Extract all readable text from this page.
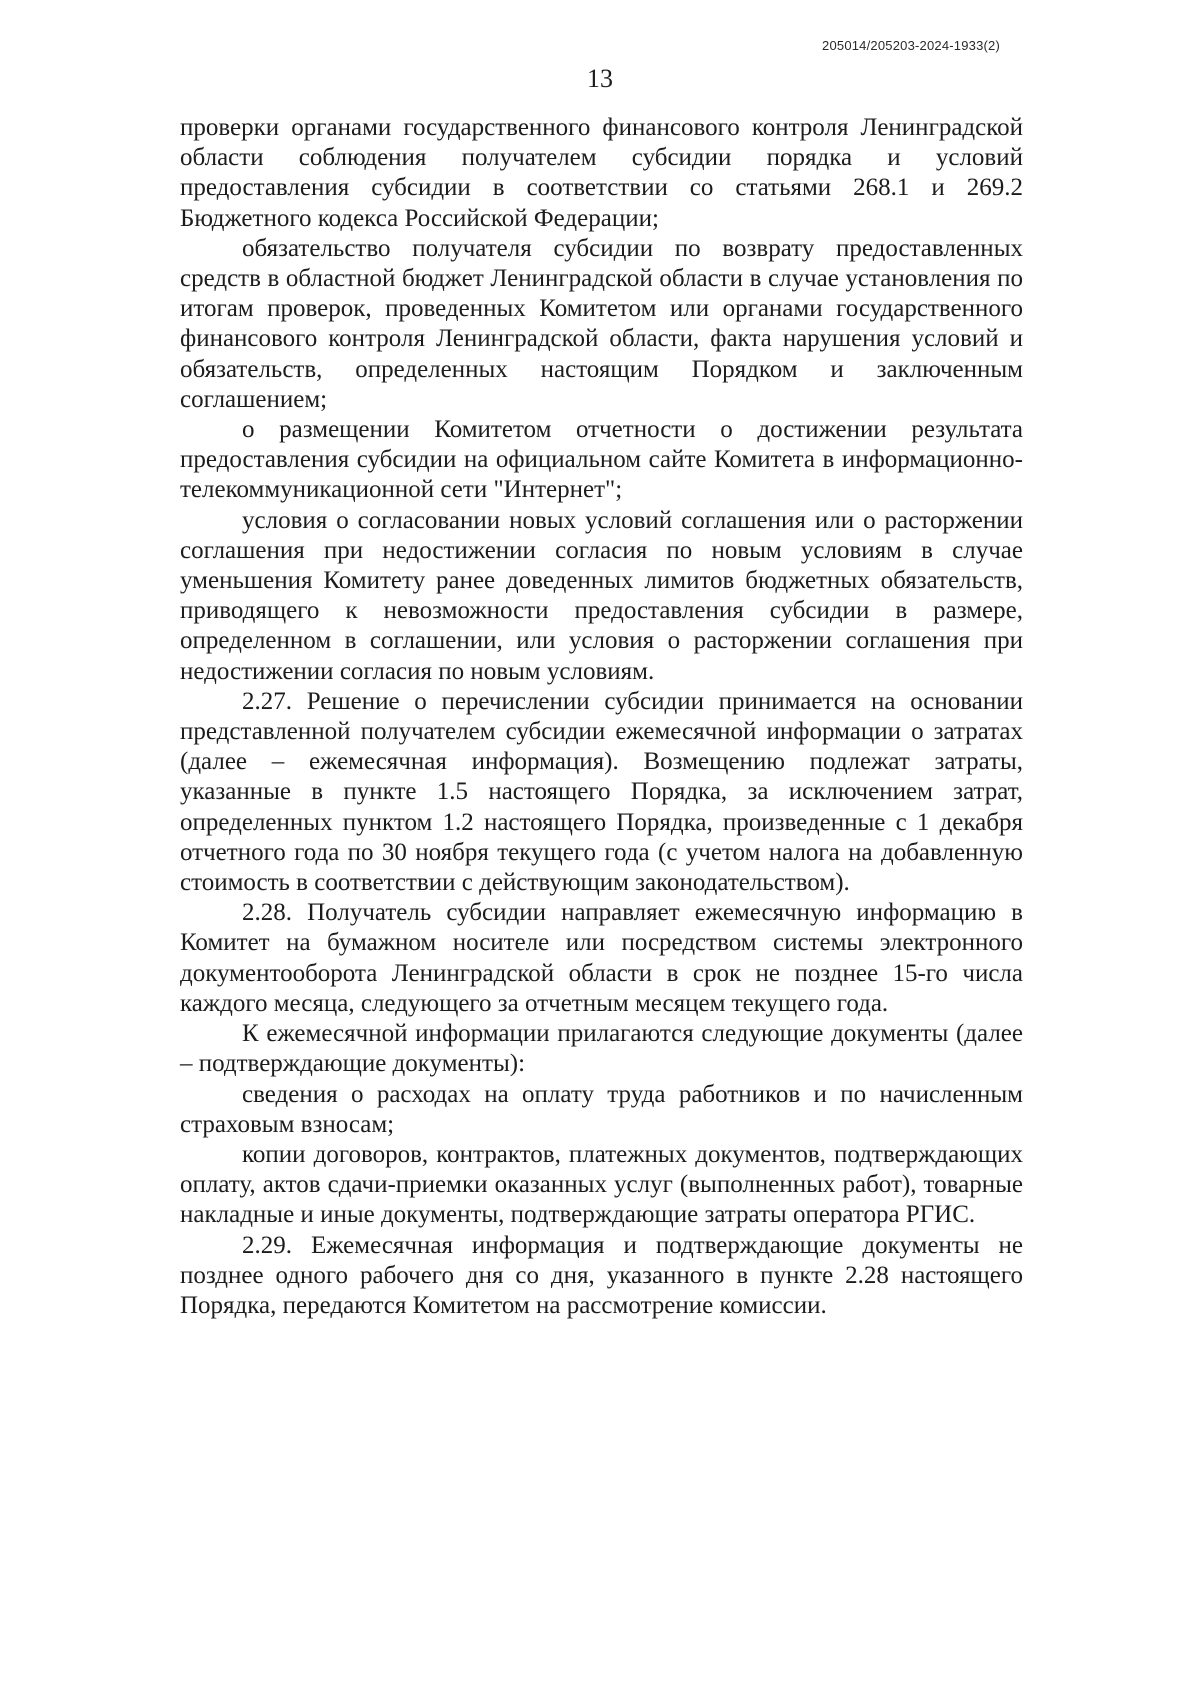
205014/205203-2024-1933(2)
13

проверки органами государственного финансового контроля Ленинградской области соблюдения получателем субсидии порядка и условий предоставления субсидии в соответствии со статьями 268.1 и 269.2 Бюджетного кодекса Российской Федерации;

обязательство получателя субсидии по возврату предоставленных средств в областной бюджет Ленинградской области в случае установления по итогам проверок, проведенных Комитетом или органами государственного финансового контроля Ленинградской области, факта нарушения условий и обязательств, определенных настоящим Порядком и заключенным соглашением;

о размещении Комитетом отчетности о достижении результата предоставления субсидии на официальном сайте Комитета в информационно-телекоммуникационной сети "Интернет";

условия о согласовании новых условий соглашения или о расторжении соглашения при недостижении согласия по новым условиям в случае уменьшения Комитету ранее доведенных лимитов бюджетных обязательств, приводящего к невозможности предоставления субсидии в размере, определенном в соглашении, или условия о расторжении соглашения при недостижении согласия по новым условиям.

2.27. Решение о перечислении субсидии принимается на основании представленной получателем субсидии ежемесячной информации о затратах (далее – ежемесячная информация). Возмещению подлежат затраты, указанные в пункте 1.5 настоящего Порядка, за исключением затрат, определенных пунктом 1.2 настоящего Порядка, произведенные с 1 декабря отчетного года по 30 ноября текущего года (с учетом налога на добавленную стоимость в соответствии с действующим законодательством).

2.28. Получатель субсидии направляет ежемесячную информацию в Комитет на бумажном носителе или посредством системы электронного документооборота Ленинградской области в срок не позднее 15-го числа каждого месяца, следующего за отчетным месяцем текущего года.

К ежемесячной информации прилагаются следующие документы (далее – подтверждающие документы):

сведения о расходах на оплату труда работников и по начисленным страховым взносам;

копии договоров, контрактов, платежных документов, подтверждающих оплату, актов сдачи-приемки оказанных услуг (выполненных работ), товарные накладные и иные документы, подтверждающие затраты оператора РГИС.

2.29. Ежемесячная информация и подтверждающие документы не позднее одного рабочего дня со дня, указанного в пункте 2.28 настоящего Порядка, передаются Комитетом на рассмотрение комиссии.
